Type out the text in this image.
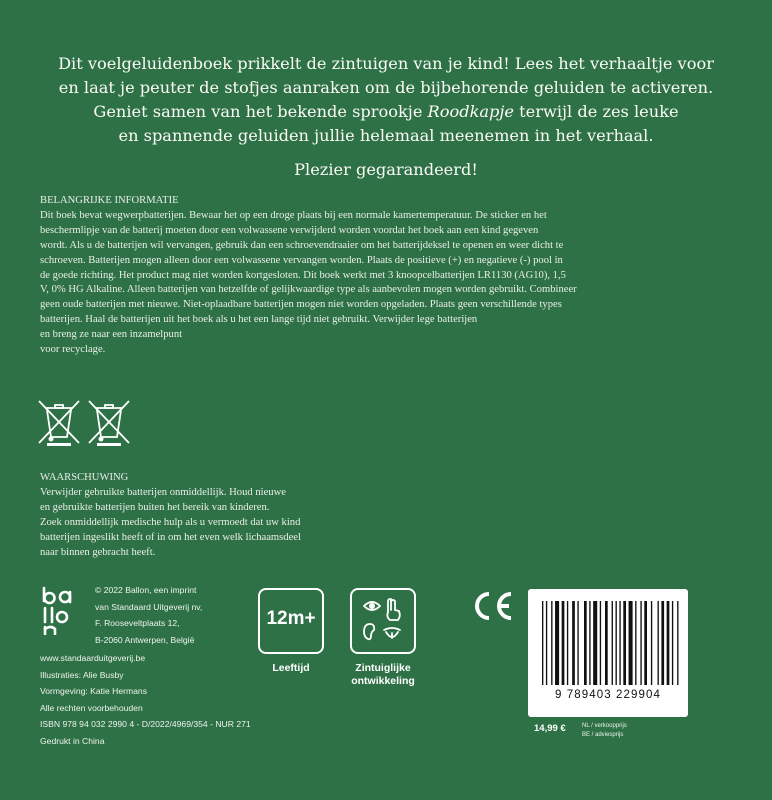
Dit voelgeluidenboek prikkelt de zintuigen van je kind! Lees het verhaaltje voor
en laat je peuter de stofjes aanraken om de bijbehorende geluiden te activeren.
Geniet samen van het bekende sprookje Roodkapje terwijl de zes leuke
en spannende geluiden jullie helemaal meenemen in het verhaal.
Plezier gegarandeerd!
BELANGRIJKE INFORMATIE
Dit boek bevat wegwerpbatterijen. Bewaar het op een droge plaats bij een normale kamertemperatuur. De sticker en het
beschermlipje van de batterij moeten door een volwassene verwijderd worden voordat het boek aan een kind gegeven
wordt. Als u de batterijen wil vervangen, gebruik dan een schroevendraaier om het batterijdeksel te openen en weer dicht te
schroeven. Batterijen mogen alleen door een volwassene vervangen worden. Plaats de positieve (+) en negatieve (-) pool in
de goede richting. Het product mag niet worden kortgesloten. Dit boek werkt met 3 knoopcelbatterijen LR1130 (AG10), 1,5
V, 0% HG Alkaline. Alleen batterijen van hetzelfde of gelijkwaardige type als aanbevolen mogen worden gebruikt. Combineer
geen oude batterijen met nieuwe. Niet-oplaadbare batterijen mogen niet worden opgeladen. Plaats geen verschillende types
batterijen. Haal de batterijen uit het boek als u het een lange tijd niet gebruikt. Verwijder lege batterijen
en breng ze naar een inzamelpunt
voor recyclage.
WAARSCHUWING
Verwijder gebruikte batterijen onmiddellijk. Houd nieuwe
en gebruikte batterijen buiten het bereik van kinderen.
Zoek onmiddellijk medische hulp als u vermoedt dat uw kind
batterijen ingeslikt heeft of in om het even welk lichaamsdeel
naar binnen gebracht heeft.
© 2022 Ballon, een imprint
van Standaard Uitgeverij nv,
F. Rooseveltplaats 12,
B-2060 Antwerpen, België
www.standaarduitgeverij.be
Illustraties: Alie Busby
Vormgeving: Katie Hermans
Alle rechten voorbehouden
ISBN 978 94 032 2990 4 - D/2022/4969/354 - NUR 271
Gedrukt in China
12m+
Leeftijd	Zintuiglijke
ontwikkeling
9 789403 229904
14,99 €	NL / verkoopprijs
BE / adviesprijs
